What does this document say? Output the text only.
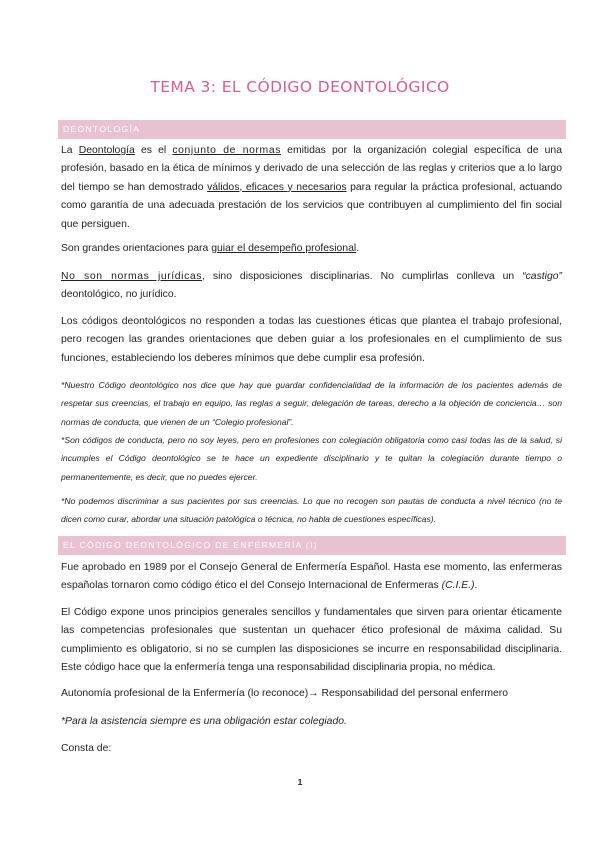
TEMA 3: EL CÓDIGO DEONTOLÓGICO
DEONTOLOGÍA

La Deontología es el conjunto de normas emitidas por la organización colegial específica de una profesión, basado en la ética de mínimos y derivado de una selección de las reglas y criterios que a lo largo del tiempo se han demostrado válidos, eficaces y necesarios para regular la práctica profesional, actuando como garantía de una adecuada prestación de los servicios que contribuyen al cumplimiento del fin social que persiguen.

Son grandes orientaciones para guiar el desempeño profesional.

No son normas jurídicas, sino disposiciones disciplinarias. No cumplirlas conlleva un “castigo” deontológico, no jurídico.

Los códigos deontológicos no responden a todas las cuestiones éticas que plantea el trabajo profesional, pero recogen las grandes orientaciones que deben guiar a los profesionales en el cumplimiento de sus funciones, estableciendo los deberes mínimos que debe cumplir esa profesión.

*Nuestro Código deontológico nos dice que hay que guardar confidencialidad de la información de los pacientes además de respetar sus creencias, el trabajo en equipo, las reglas a seguir, delegación de tareas, derecho a la objeción de conciencia… son normas de conducta, que vienen de un “Colegio profesional”.

*Son códigos de conducta, pero no soy leyes, pero en profesiones con colegiación obligatoria como casi todas las de la salud, si incumples el Código deontológico se te hace un expediente disciplinario y te quitan la colegiación durante tiempo o permanentemente, es decir, que no puedes ejercer.

*No podemos discriminar a sus pacientes por sus creencias. Lo que no recogen son pautas de conducta a nivel técnico (no te dicen como curar, abordar una situación patológica o técnica, no habla de cuestiones específicas).

EL CÓDIGO DEONTOLÓGICO DE ENFERMERÍA (I)

Fue aprobado en 1989 por el Consejo General de Enfermería Español. Hasta ese momento, las enfermeras españolas tornaron como código ético el del Consejo Internacional de Enfermeras (C.I.E.).

El Código expone unos principios generales sencillos y fundamentales que sirven para orientar éticamente las competencias profesionales que sustentan un quehacer ético profesional de máxima calidad. Su cumplimiento es obligatorio, si no se cumplen las disposiciones se incurre en responsabilidad disciplinaria. Este código hace que la enfermería tenga una responsabilidad disciplinaria propia, no médica.

Autonomía profesional de la Enfermería (lo reconoce)→ Responsabilidad del personal enfermero

*Para la asistencia siempre es una obligación estar colegiado.

Consta de:

1
